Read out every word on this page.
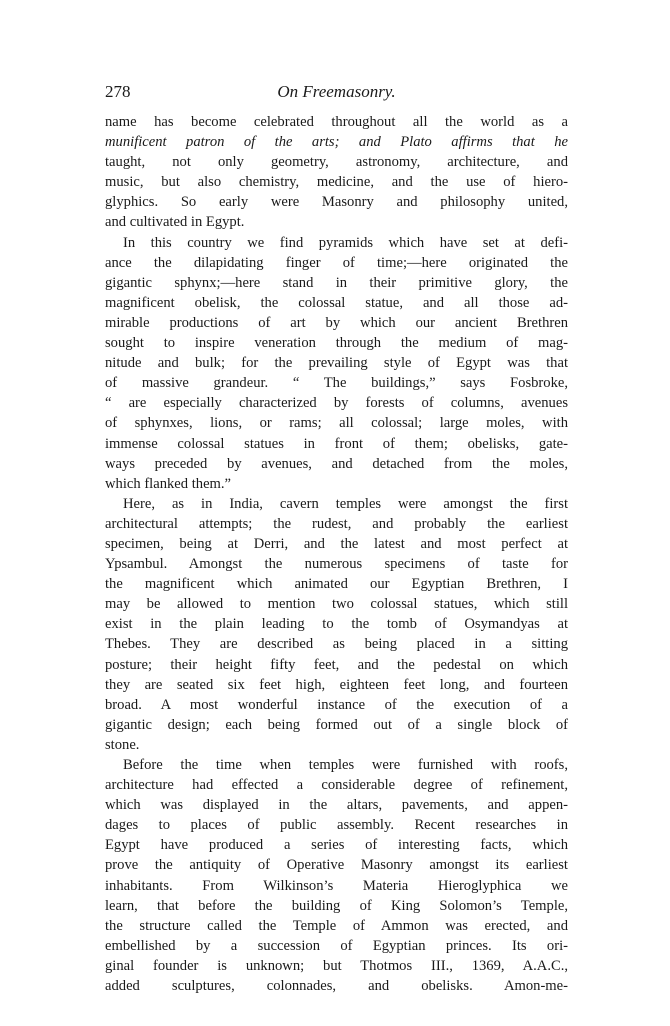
278	On Freemasonry.

name has become celebrated throughout all the world as a
munificent patron of the arts; and Plato affirms that he
taught, not only geometry, astronomy, architecture, and
music, but also chemistry, medicine, and the use of hiero-
glyphics. So early were Masonry and philosophy united,
and cultivated in Egypt.

In this country we find pyramids which have set at defi-
ance the dilapidating finger of time;—here originated the
gigantic sphynx;—here stand in their primitive glory, the
magnificent obelisk, the colossal statue, and all those ad-
mirable productions of art by which our ancient Brethren
sought to inspire veneration through the medium of mag-
nitude and bulk; for the prevailing style of Egypt was that
of massive grandeur. “ The buildings,” says Fosbroke,
“ are especially characterized by forests of columns, avenues
of sphynxes, lions, or rams; all colossal; large moles, with
immense colossal statues in front of them; obelisks, gate-
ways preceded by avenues, and detached from the moles,
which flanked them.”

Here, as in India, cavern temples were amongst the first
architectural attempts; the rudest, and probably the earliest
specimen, being at Derri, and the latest and most perfect at
Ypsambul. Amongst the numerous specimens of taste for
the magnificent which animated our Egyptian Brethren, I
may be allowed to mention two colossal statues, which still
exist in the plain leading to the tomb of Osymandyas at
Thebes. They are described as being placed in a sitting
posture; their height fifty feet, and the pedestal on which
they are seated six feet high, eighteen feet long, and fourteen
broad. A most wonderful instance of the execution of a
gigantic design; each being formed out of a single block of
stone.

Before the time when temples were furnished with roofs,
architecture had effected a considerable degree of refinement,
which was displayed in the altars, pavements, and appen-
dages to places of public assembly. Recent researches in
Egypt have produced a series of interesting facts, which
prove the antiquity of Operative Masonry amongst its earliest
inhabitants. From Wilkinson’s Materia Hieroglyphica we
learn, that before the building of King Solomon’s Temple,
the structure called the Temple of Ammon was erected, and
embellished by a succession of Egyptian princes. Its ori-
ginal founder is unknown; but Thotmos III., 1369, A.A.C.,
added sculptures, colonnades, and obelisks. Amon-me-
